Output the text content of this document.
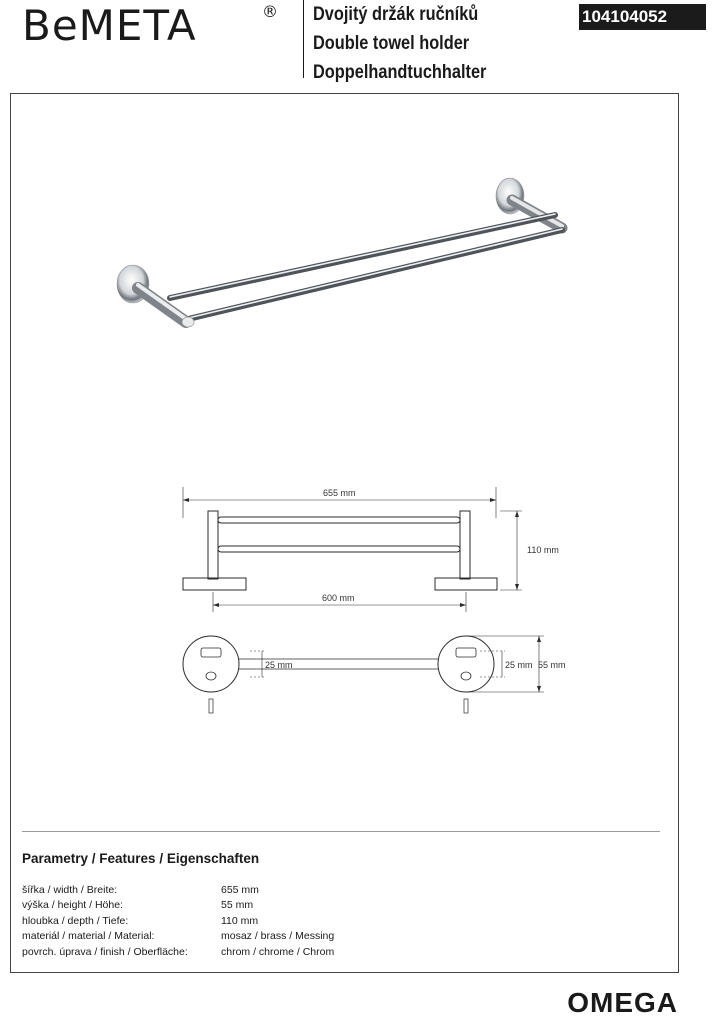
BeMETA	® Dvojitý držák ručníků
Double towel holder
Doppelhandtuchhalter
104104052
655 mm
110 mm
600 mm
25 mm	25 mm 55 mm
Parametry / Features / Eigenschaften
šířka / width / Breite:	655 mm
výška / height / Höhe:	55 mm
hloubka / depth / Tiefe:	110 mm
materiál / material / Material:	mosaz / brass / Messing
povrch. úprava / finish / Oberfläche:	chrom / chrome / Chrom
OMEGA
